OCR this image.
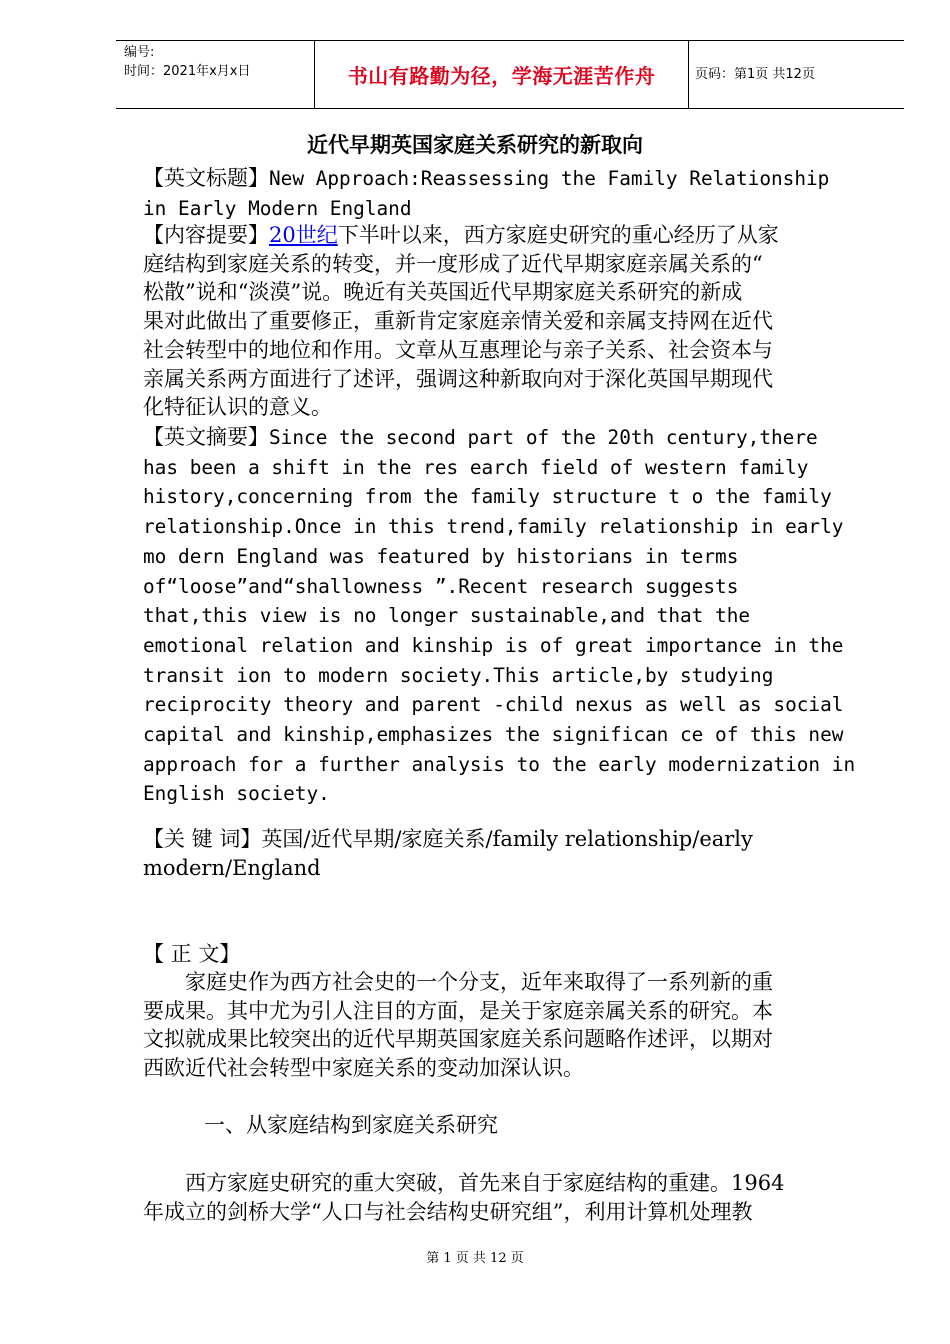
编号:
时间：2021年x月x日	书山有路勤为径，学海无涯苦作舟	页码：第1页 共12页
近代早期英国家庭关系研究的新取向
【英文标题】New Approach:Reassessing the Family Relationship
in Early Modern England
【内容提要】20世纪下半叶以来，西方家庭史研究的重心经历了从家
庭结构到家庭关系的转变，并一度形成了近代早期家庭亲属关系的“
松散”说和“淡漠”说。晚近有关英国近代早期家庭关系研究的新成
果对此做出了重要修正，重新肯定家庭亲情关爱和亲属支持网在近代
社会转型中的地位和作用。文章从互惠理论与亲子关系、社会资本与
亲属关系两方面进行了述评，强调这种新取向对于深化英国早期现代
化特征认识的意义。
【英文摘要】Since the second part of the 20th century,there
has been a shift in the res earch field of western family
history,concerning from the family structure t o the family
relationship.Once in this trend,family relationship in early
mo dern England was featured by historians in terms
of“loose”and“shallowness ”.Recent research suggests
that,this view is no longer sustainable,and that the
emotional relation and kinship is of great importance in the
transit ion to modern society.This article,by studying
reciprocity theory and parent -child nexus as well as social
capital and kinship,emphasizes the significan ce of this new
approach for a further analysis to the early modernization in
English society.
【关 键 词】英国/近代早期/家庭关系/family relationship/early
modern/England
【 正 文】
家庭史作为西方社会史的一个分支，近年来取得了一系列新的重
要成果。其中尤为引人注目的方面，是关于家庭亲属关系的研究。本
文拟就成果比较突出的近代早期英国家庭关系问题略作述评，以期对
西欧近代社会转型中家庭关系的变动加深认识。
一、从家庭结构到家庭关系研究
西方家庭史研究的重大突破，首先来自于家庭结构的重建。1964
年成立的剑桥大学“人口与社会结构史研究组”，利用计算机处理教
第 1 页 共 12 页
